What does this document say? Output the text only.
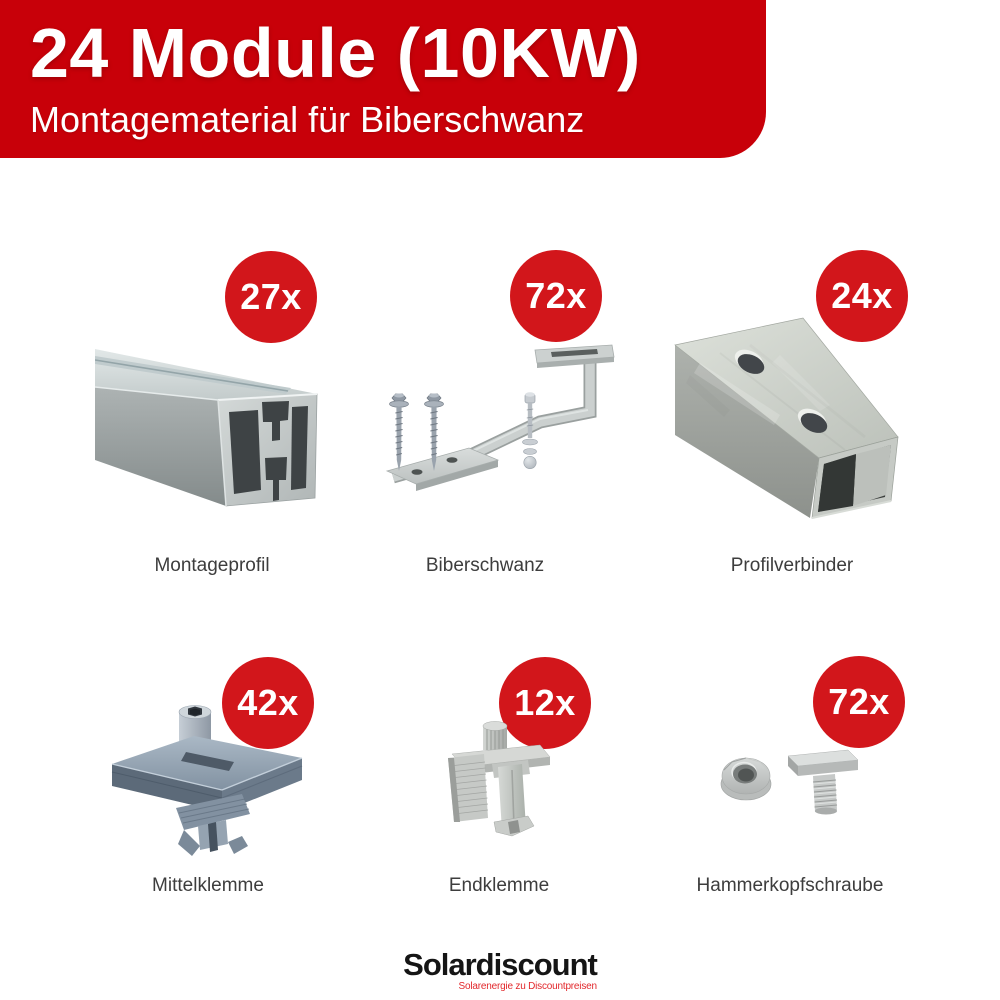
24 Module (10KW)
Montagematerial für Biberschwanz
27x	72x	24x
42x	12x	72x
Montageprofil	Biberschwanz	Profilverbinder
Mittelklemme	Endklemme	Hammerkopfschraube
Solardiscount
Solarenergie zu Discountpreisen
